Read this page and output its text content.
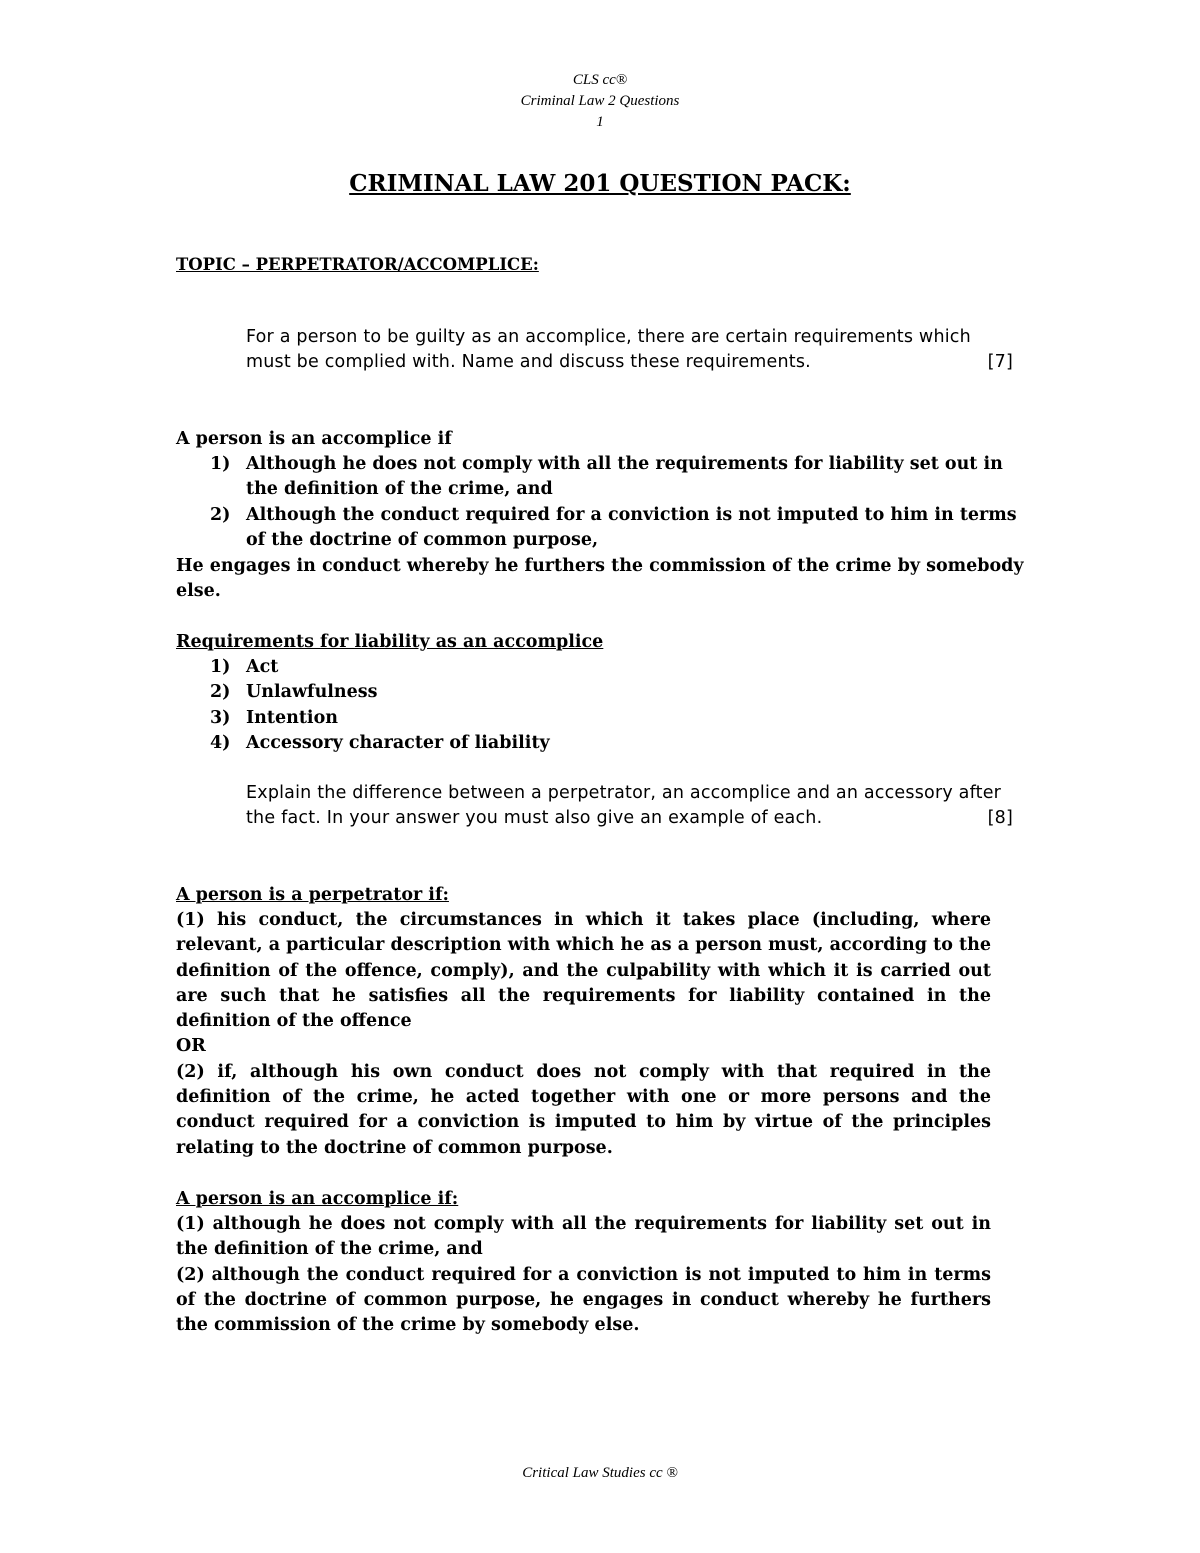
CLS cc®
Criminal Law 2 Questions
1
CRIMINAL LAW 201 QUESTION PACK:
TOPIC – PERPETRATOR/ACCOMPLICE:
For a person to be guilty as an accomplice, there are certain requirements which must be complied with. Name and discuss these requirements.	[7]
A person is an accomplice if
1) Although he does not comply with all the requirements for liability set out in the definition of the crime, and
2) Although the conduct required for a conviction is not imputed to him in terms of the doctrine of common purpose,
He engages in conduct whereby he furthers the commission of the crime by somebody else.
Requirements for liability as an accomplice
1) Act
2) Unlawfulness
3) Intention
4) Accessory character of liability
Explain the difference between a perpetrator, an accomplice and an accessory after the fact. In your answer you must also give an example of each.	[8]
A person is a perpetrator if:
(1) his conduct, the circumstances in which it takes place (including, where relevant, a particular description with which he as a person must, according to the definition of the offence, comply), and the culpability with which it is carried out are such that he satisfies all the requirements for liability contained in the definition of the offence
OR
(2) if, although his own conduct does not comply with that required in the definition of the crime, he acted together with one or more persons and the conduct required for a conviction is imputed to him by virtue of the principles relating to the doctrine of common purpose.
A person is an accomplice if:
(1) although he does not comply with all the requirements for liability set out in the definition of the crime, and
(2) although the conduct required for a conviction is not imputed to him in terms of the doctrine of common purpose, he engages in conduct whereby he furthers the commission of the crime by somebody else.
Critical Law Studies cc ®
